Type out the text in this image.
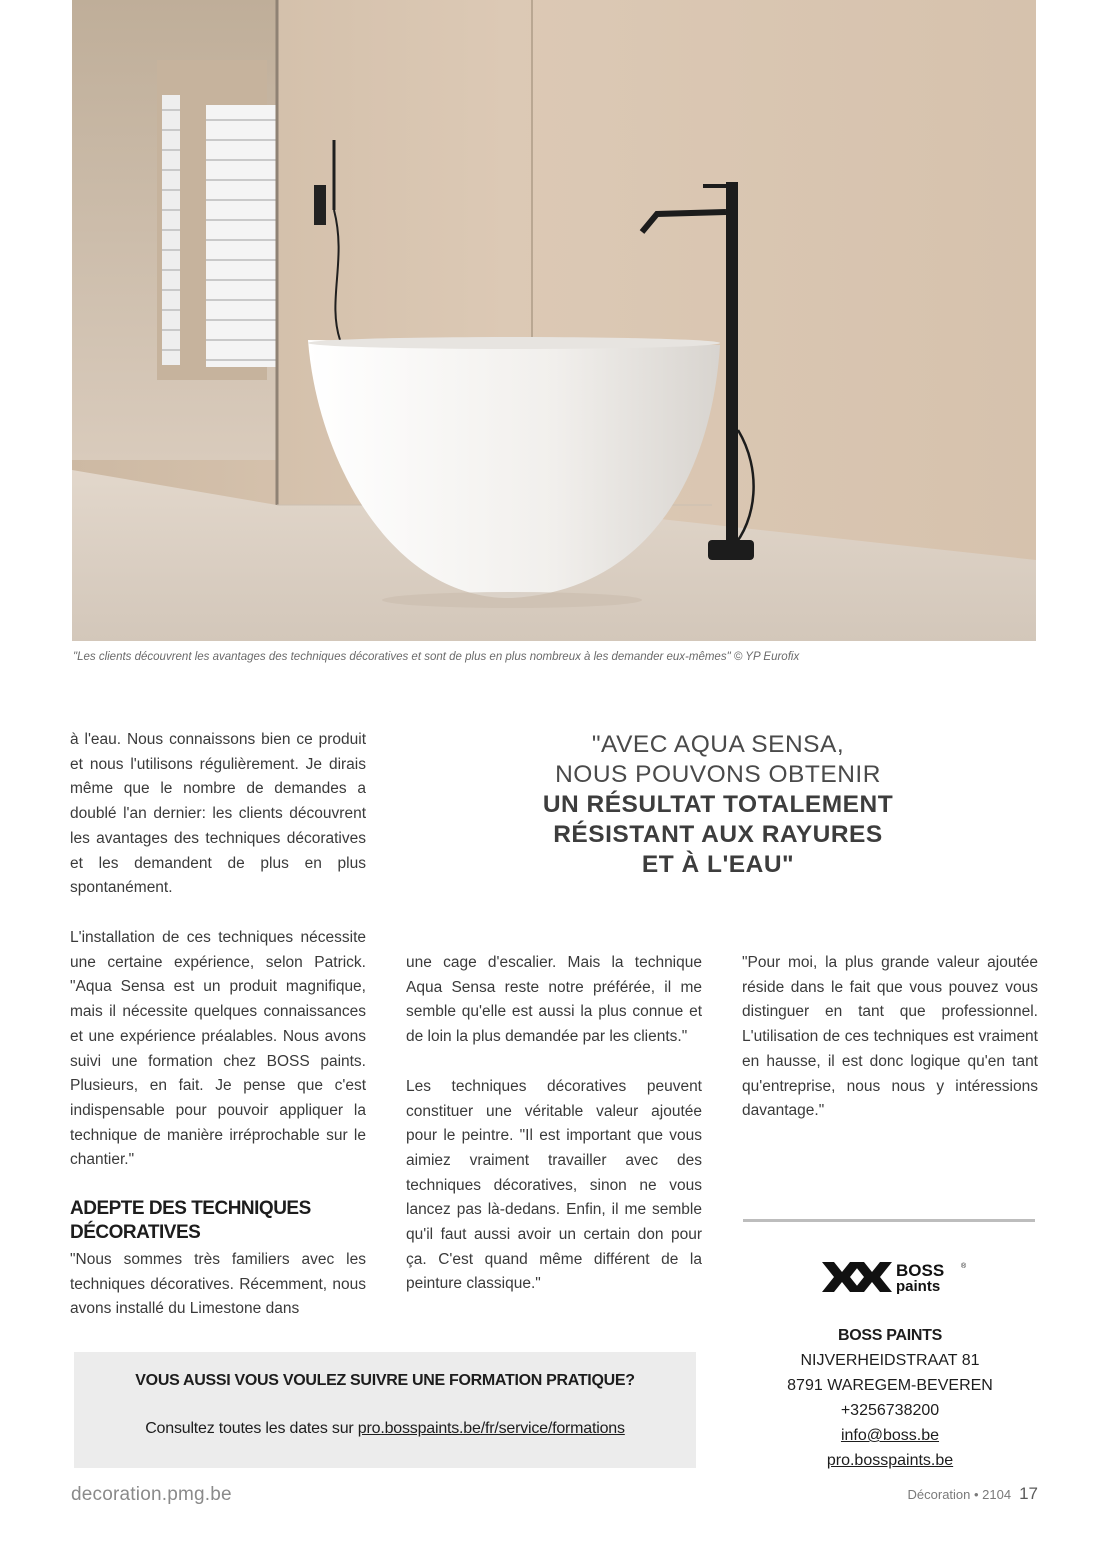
"Les clients découvrent les avantages des techniques décoratives et sont de plus en plus nombreux à les demander eux-mêmes" © YP Eurofix
à l'eau. Nous connaissons bien ce produit et nous l'utilisons régulièrement. Je dirais même que le nombre de demandes a doublé l'an dernier: les clients découvrent les avantages des techniques décoratives et les demandent de plus en plus spontanément.
L'installation de ces techniques nécessite une certaine expérience, selon Patrick. "Aqua Sensa est un produit magnifique, mais il nécessite quelques connaissances et une expérience préalables. Nous avons suivi une formation chez BOSS paints. Plusieurs, en fait. Je pense que c'est indispensable pour pouvoir appliquer la technique de manière irréprochable sur le chantier."
ADEPTE DES TECHNIQUES DÉCORATIVES
"Nous sommes très familiers avec les techniques décoratives. Récemment, nous avons installé du Limestone dans
"AVEC AQUA SENSA,
NOUS POUVONS OBTENIR
UN RÉSULTAT TOTALEMENT
RÉSISTANT AUX RAYURES
ET À L'EAU"

une cage d'escalier. Mais la technique Aqua Sensa reste notre préférée, il me semble qu'elle est aussi la plus connue et de loin la plus demandée par les clients."

Les techniques décoratives peuvent constituer une véritable valeur ajoutée pour le peintre. "Il est important que vous aimiez vraiment travailler avec des techniques décoratives, sinon ne vous lancez pas là-dedans. Enfin, il me semble qu'il faut aussi avoir un certain don pour ça. C'est quand même différent de la peinture classique."

"Pour moi, la plus grande valeur ajoutée réside dans le fait que vous pouvez vous distinguer en tant que professionnel. L'utilisation de ces techniques est vraiment en hausse, il est donc logique qu'en tant qu'entreprise, nous nous y intéressions davantage."
BOSS ®
paints
BOSS PAINTS
NIJVERHEIDSTRAAT 81
8791 WAREGEM-BEVEREN
+3256738200
info@boss.be
pro.bosspaints.be
VOUS AUSSI VOUS VOULEZ SUIVRE UNE FORMATION PRATIQUE?
Consultez toutes les dates sur pro.bosspaints.be/fr/service/formations
decoration.pmg.be	Décoration • 2104 17
